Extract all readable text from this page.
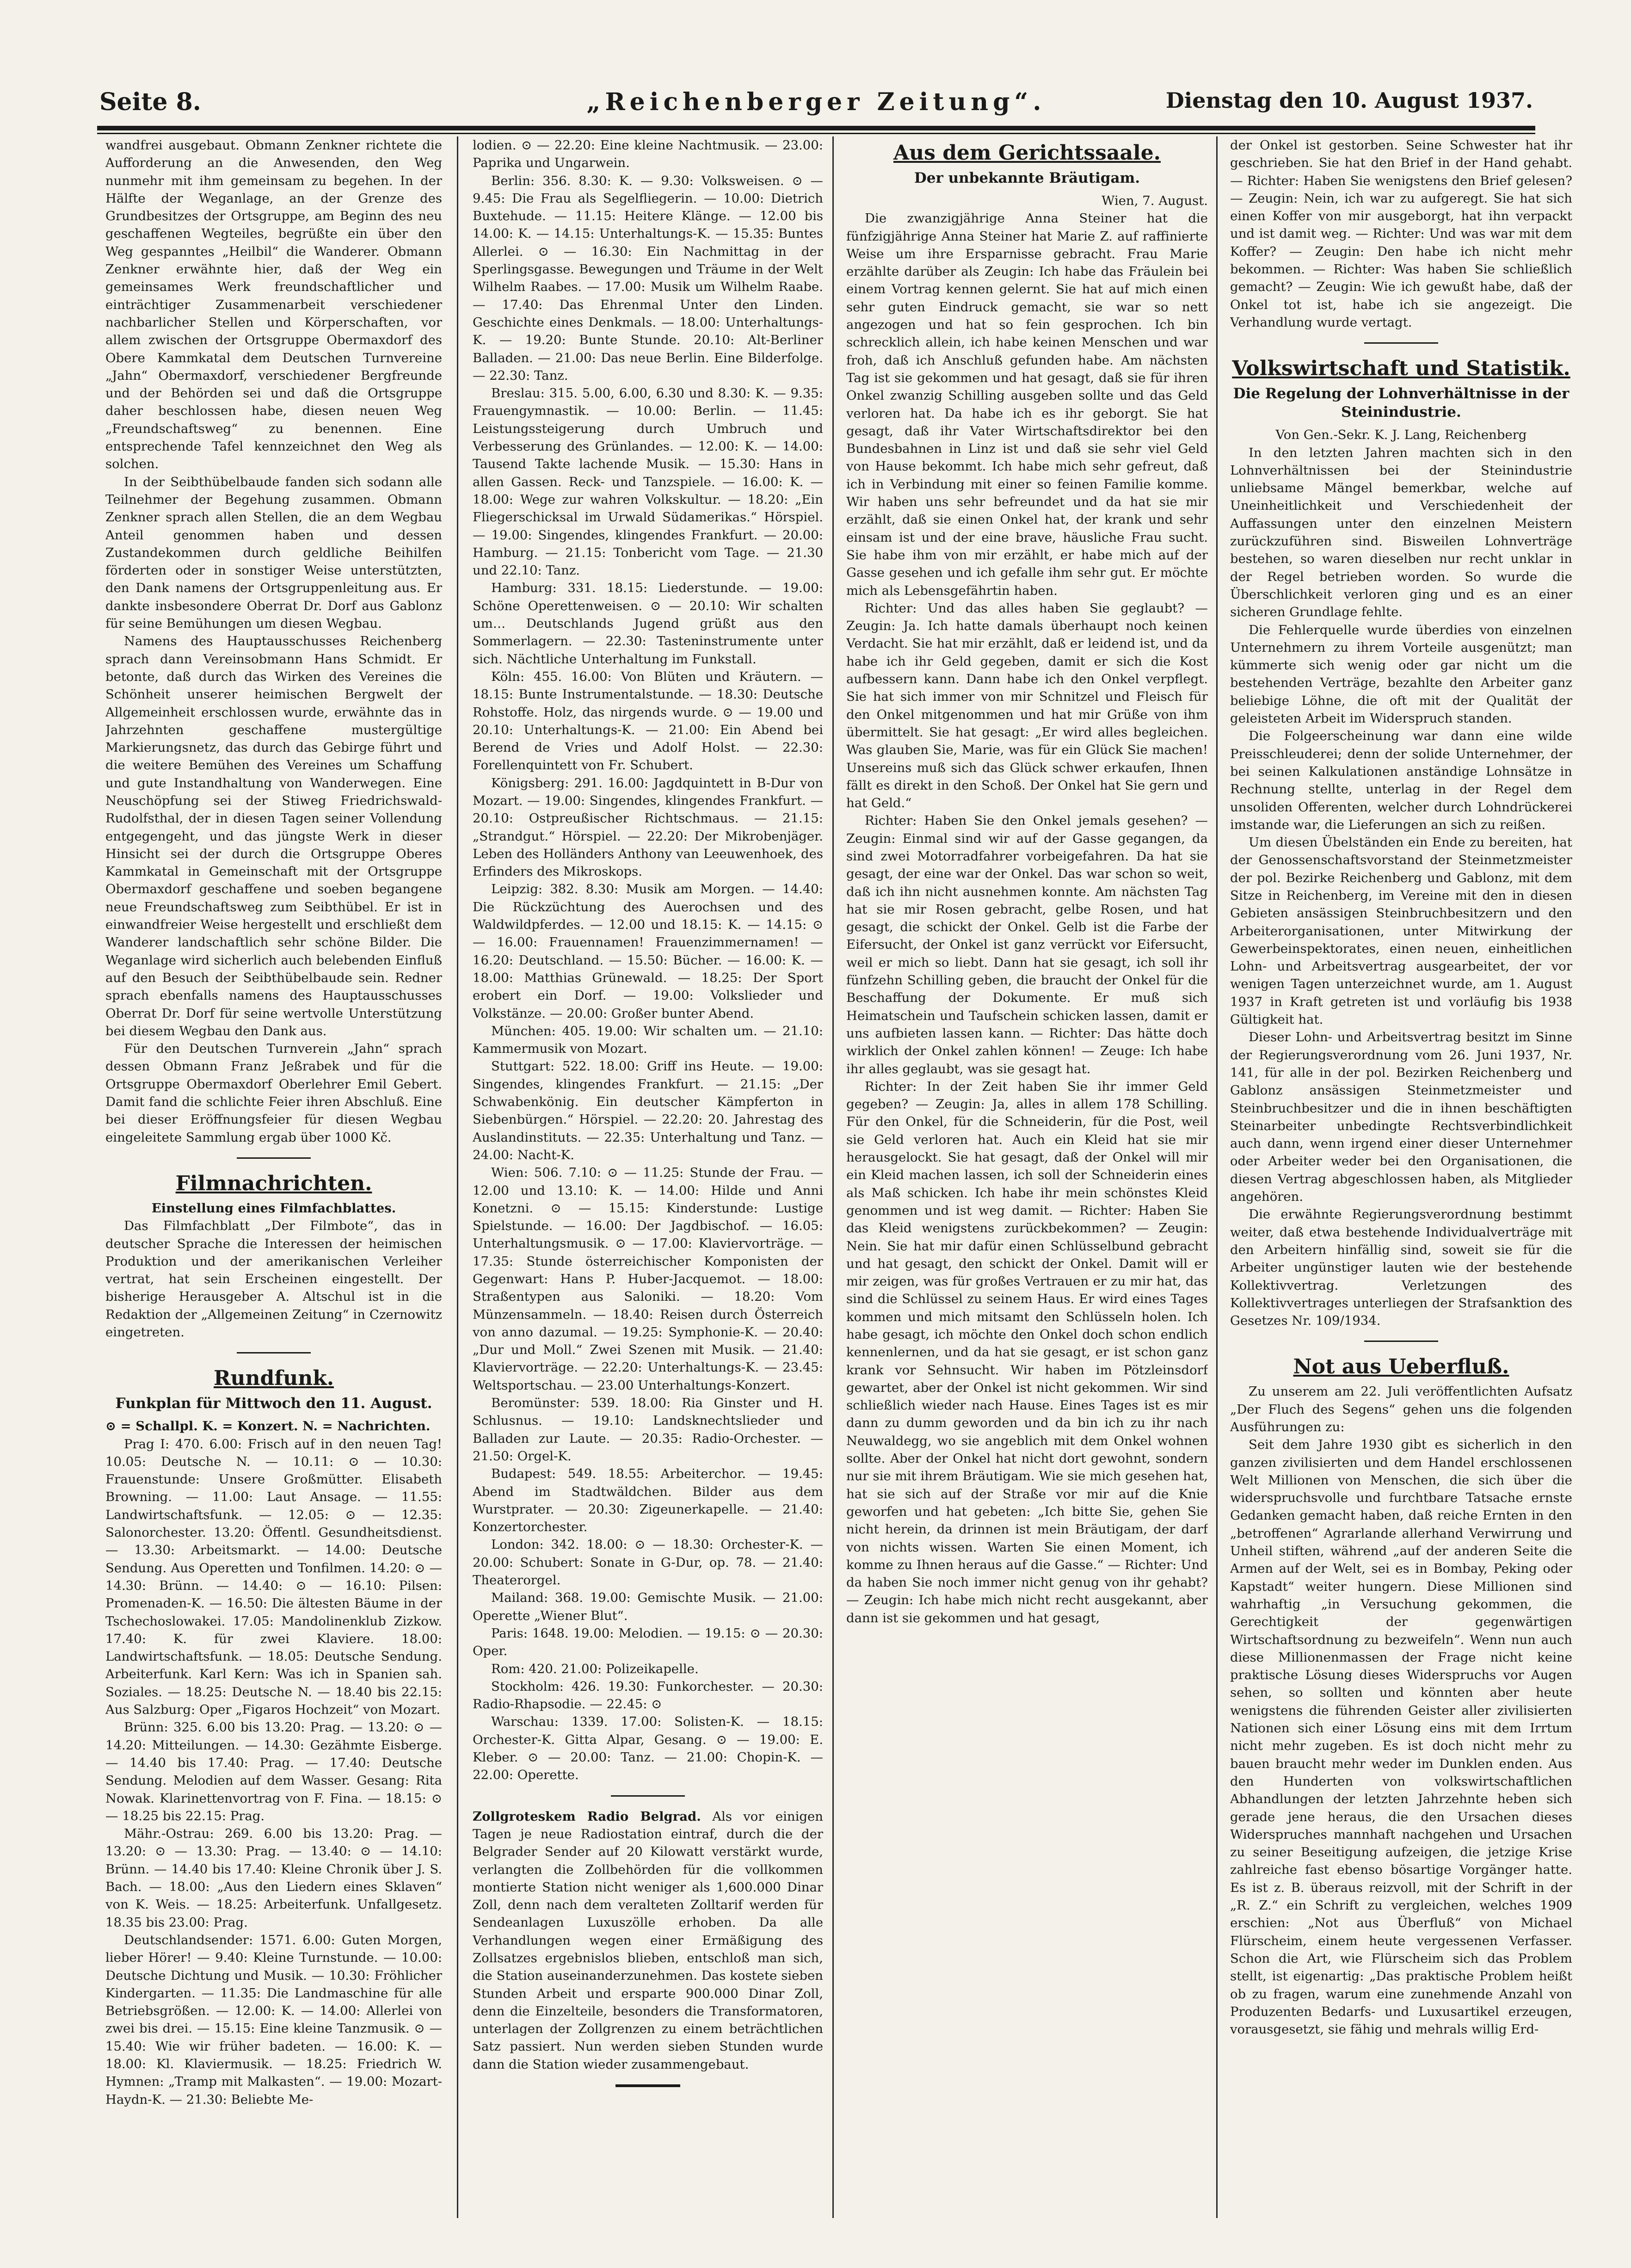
Seite 8.	„Reichenberger Zeitung“.	Dienstag den 10. August 1937.

wandfrei ausgebaut. Obmann Zenkner richtete die Aufforderung an die Anwesenden, den Weg nunmehr mit ihm gemeinsam zu begehen. In der Hälfte der Weganlage, an der Grenze des Grundbesitzes der Ortsgruppe, am Beginn des neu geschaffenen Wegteiles, begrüßte ein über den Weg gespanntes „Heilbil“ die Wanderer. Obmann Zenkner erwähnte hier, daß der Weg ein gemeinsames Werk freundschaftlicher und einträchtiger Zusammenarbeit verschiedener nachbarlicher Stellen und Körperschaften, vor allem zwischen der Ortsgruppe Obermaxdorf des Obere Kammkatal dem Deutschen Turnvereine „Jahn“ Obermaxdorf, verschiedener Bergfreunde und der Behörden sei und daß die Ortsgruppe daher beschlossen habe, diesen neuen Weg „Freundschaftsweg“ zu benennen. Eine entsprechende Tafel kennzeichnet den Weg als solchen.

In der Seibthübelbaude fanden sich sodann alle Teilnehmer der Begehung zusammen. Obmann Zenkner sprach allen Stellen, die an dem Wegbau Anteil genommen haben und dessen Zustandekommen durch geldliche Beihilfen förderten oder in sonstiger Weise unterstützten, den Dank namens der Ortsgruppenleitung aus. Er dankte insbesondere Oberrat Dr. Dorf aus Gablonz für seine Bemühungen um diesen Wegbau.

Namens des Hauptausschusses Reichenberg sprach dann Vereinsobmann Hans Schmidt. Er betonte, daß durch das Wirken des Vereines die Schönheit unserer heimischen Bergwelt der Allgemeinheit erschlossen wurde, erwähnte das in Jahrzehnten geschaffene mustergültige Markierungsnetz, das durch das Gebirge führt und die weitere Bemühen des Vereines um Schaffung und gute Instandhaltung von Wanderwegen. Eine Neuschöpfung sei der Stiweg Friedrichswald-Rudolfsthal, der in diesen Tagen seiner Vollendung entgegengeht, und das jüngste Werk in dieser Hinsicht sei der durch die Ortsgruppe Oberes Kammkatal in Gemeinschaft mit der Ortsgruppe Obermaxdorf geschaffene und soeben begangene neue Freundschaftsweg zum Seibthübel. Er ist in einwandfreier Weise hergestellt und erschließt dem Wanderer landschaftlich sehr schöne Bilder. Die Weganlage wird sicherlich auch belebenden Einfluß auf den Besuch der Seibthübelbaude sein. Redner sprach ebenfalls namens des Hauptausschusses Oberrat Dr. Dorf für seine wertvolle Unterstützung bei diesem Wegbau den Dank aus.

Für den Deutschen Turnverein „Jahn“ sprach dessen Obmann Franz Jeßrabek und für die Ortsgruppe Obermaxdorf Oberlehrer Emil Gebert. Damit fand die schlichte Feier ihren Abschluß. Eine bei dieser Eröffnungsfeier für diesen Wegbau eingeleitete Sammlung ergab über 1000 Kč.

Filmnachrichten.

Einstellung eines Filmfachblattes.

Das Filmfachblatt „Der Filmbote“, das in deutscher Sprache die Interessen der heimischen Produktion und der amerikanischen Verleiher vertrat, hat sein Erscheinen eingestellt. Der bisherige Herausgeber A. Altschul ist in die Redaktion der „Allgemeinen Zeitung“ in Czernowitz eingetreten.

Rundfunk.

Funkplan für Mittwoch den 11. August.

⊙ = Schallpl. K. = Konzert. N. = Nachrichten.

Prag I: 470. 6.00: Frisch auf in den neuen Tag! 10.05: Deutsche N. — 10.11: ⊙ — 10.30: Frauenstunde: Unsere Großmütter. Elisabeth Browning. — 11.00: Laut Ansage. — 11.55: Landwirtschaftsfunk. — 12.05: ⊙ — 12.35: Salonorchester. 13.20: Öffentl. Gesundheitsdienst. — 13.30: Arbeitsmarkt. — 14.00: Deutsche Sendung. Aus Operetten und Tonfilmen. 14.20: ⊙ — 14.30: Brünn. — 14.40: ⊙ — 16.10: Pilsen: Promenaden-K. — 16.50: Die ältesten Bäume in der Tschechoslowakei. 17.05: Mandolinenklub Zizkow. 17.40: K. für zwei Klaviere. 18.00: Landwirtschaftsfunk. — 18.05: Deutsche Sendung. Arbeiterfunk. Karl Kern: Was ich in Spanien sah. Soziales. — 18.25: Deutsche N. — 18.40 bis 22.15: Aus Salzburg: Oper „Figaros Hochzeit“ von Mozart.

Brünn: 325. 6.00 bis 13.20: Prag. — 13.20: ⊙ — 14.20: Mitteilungen. — 14.30: Gezähmte Eisberge. — 14.40 bis 17.40: Prag. — 17.40: Deutsche Sendung. Melodien auf dem Wasser. Gesang: Rita Nowak. Klarinettenvortrag von F. Fina. — 18.15: ⊙ — 18.25 bis 22.15: Prag.

Mähr.-Ostrau: 269. 6.00 bis 13.20: Prag. — 13.20: ⊙ — 13.30: Prag. — 13.40: ⊙ — 14.10: Brünn. — 14.40 bis 17.40: Kleine Chronik über J. S. Bach. — 18.00: „Aus den Liedern eines Sklaven“ von K. Weis. — 18.25: Arbeiterfunk. Unfallgesetz. 18.35 bis 23.00: Prag.

Deutschlandsender: 1571. 6.00: Guten Morgen, lieber Hörer! — 9.40: Kleine Turnstunde. — 10.00: Deutsche Dichtung und Musik. — 10.30: Fröhlicher Kindergarten. — 11.35: Die Landmaschine für alle Betriebsgrößen. — 12.00: K. — 14.00: Allerlei von zwei bis drei. — 15.15: Eine kleine Tanzmusik. ⊙ — 15.40: Wie wir früher badeten. — 16.00: K. — 18.00: Kl. Klaviermusik. — 18.25: Friedrich W. Hymnen: „Tramp mit Malkasten“. — 19.00: Mozart-Haydn-K. — 21.30: Beliebte Me-

lodien. ⊙ — 22.20: Eine kleine Nachtmusik. — 23.00: Paprika und Ungarwein.

Berlin: 356. 8.30: K. — 9.30: Volksweisen. ⊙ — 9.45: Die Frau als Segelfliegerin. — 10.00: Dietrich Buxtehude. — 11.15: Heitere Klänge. — 12.00 bis 14.00: K. — 14.15: Unterhaltungs-K. — 15.35: Buntes Allerlei. ⊙ — 16.30: Ein Nachmittag in der Sperlingsgasse. Bewegungen und Träume in der Welt Wilhelm Raabes. — 17.00: Musik um Wilhelm Raabe. — 17.40: Das Ehrenmal Unter den Linden. Geschichte eines Denkmals. — 18.00: Unterhaltungs-K. — 19.20: Bunte Stunde. 20.10: Alt-Berliner Balladen. — 21.00: Das neue Berlin. Eine Bilderfolge. — 22.30: Tanz.

Breslau: 315. 5.00, 6.00, 6.30 und 8.30: K. — 9.35: Frauengymnastik. — 10.00: Berlin. — 11.45: Leistungssteigerung durch Umbruch und Verbesserung des Grünlandes. — 12.00: K. — 14.00: Tausend Takte lachende Musik. — 15.30: Hans in allen Gassen. Reck- und Tanzspiele. — 16.00: K. — 18.00: Wege zur wahren Volkskultur. — 18.20: „Ein Fliegerschicksal im Urwald Südamerikas.“ Hörspiel. — 19.00: Singendes, klingendes Frankfurt. — 20.00: Hamburg. — 21.15: Tonbericht vom Tage. — 21.30 und 22.10: Tanz.

Hamburg: 331. 18.15: Liederstunde. — 19.00: Schöne Operettenweisen. ⊙ — 20.10: Wir schalten um… Deutschlands Jugend grüßt aus den Sommerlagern. — 22.30: Tasteninstrumente unter sich. Nächtliche Unterhaltung im Funkstall.

Köln: 455. 16.00: Von Blüten und Kräutern. — 18.15: Bunte Instrumentalstunde. — 18.30: Deutsche Rohstoffe. Holz, das nirgends wurde. ⊙ — 19.00 und 20.10: Unterhaltungs-K. — 21.00: Ein Abend bei Berend de Vries und Adolf Holst. — 22.30: Forellenquintett von Fr. Schubert.

Königsberg: 291. 16.00: Jagdquintett in B-Dur von Mozart. — 19.00: Singendes, klingendes Frankfurt. — 20.10: Ostpreußischer Richtschmaus. — 21.15: „Strandgut.“ Hörspiel. — 22.20: Der Mikrobenjäger. Leben des Holländers Anthony van Leeuwenhoek, des Erfinders des Mikroskops.

Leipzig: 382. 8.30: Musik am Morgen. — 14.40: Die Rückzüchtung des Auerochsen und des Waldwildpferdes. — 12.00 und 18.15: K. — 14.15: ⊙ — 16.00: Frauennamen! Frauenzimmernamen! — 16.20: Deutschland. — 15.50: Bücher. — 16.00: K. — 18.00: Matthias Grünewald. — 18.25: Der Sport erobert ein Dorf. — 19.00: Volkslieder und Volkstänze. — 20.00: Großer bunter Abend.

München: 405. 19.00: Wir schalten um. — 21.10: Kammermusik von Mozart.

Stuttgart: 522. 18.00: Griff ins Heute. — 19.00: Singendes, klingendes Frankfurt. — 21.15: „Der Schwabenkönig. Ein deutscher Kämpferton in Siebenbürgen.“ Hörspiel. — 22.20: 20. Jahrestag des Auslandinstituts. — 22.35: Unterhaltung und Tanz. — 24.00: Nacht-K.

Wien: 506. 7.10: ⊙ — 11.25: Stunde der Frau. — 12.00 und 13.10: K. — 14.00: Hilde und Anni Konetzni. ⊙ — 15.15: Kinderstunde: Lustige Spielstunde. — 16.00: Der Jagdbischof. — 16.05: Unterhaltungsmusik. ⊙ — 17.00: Klaviervorträge. — 17.35: Stunde österreichischer Komponisten der Gegenwart: Hans P. Huber-Jacquemot. — 18.00: Straßentypen aus Saloniki. — 18.20: Vom Münzensammeln. — 18.40: Reisen durch Österreich von anno dazumal. — 19.25: Symphonie-K. — 20.40: „Dur und Moll.“ Zwei Szenen mit Musik. — 21.40: Klaviervorträge. — 22.20: Unterhaltungs-K. — 23.45: Weltsportschau. — 23.00 Unterhaltungs-Konzert.

Beromünster: 539. 18.00: Ria Ginster und H. Schlusnus. — 19.10: Landsknechtslieder und Balladen zur Laute. — 20.35: Radio-Orchester. — 21.50: Orgel-K.

Budapest: 549. 18.55: Arbeiterchor. — 19.45: Abend im Stadtwäldchen. Bilder aus dem Wurstprater. — 20.30: Zigeunerkapelle. — 21.40: Konzertorchester.

London: 342. 18.00: ⊙ — 18.30: Orchester-K. — 20.00: Schubert: Sonate in G-Dur, op. 78. — 21.40: Theaterorgel.

Mailand: 368. 19.00: Gemischte Musik. — 21.00: Operette „Wiener Blut“.

Paris: 1648. 19.00: Melodien. — 19.15: ⊙ — 20.30: Oper.

Rom: 420. 21.00: Polizeikapelle.

Stockholm: 426. 19.30: Funkorchester. — 20.30: Radio-Rhapsodie. — 22.45: ⊙

Warschau: 1339. 17.00: Solisten-K. — 18.15: Orchester-K. Gitta Alpar, Gesang. ⊙ — 19.00: E. Kleber. ⊙ — 20.00: Tanz. — 21.00: Chopin-K. — 22.00: Operette.

Zollgroteskem Radio Belgrad. Als vor einigen Tagen je neue Radiostation eintraf, durch die der Belgrader Sender auf 20 Kilowatt verstärkt wurde, verlangten die Zollbehörden für die vollkommen montierte Station nicht weniger als 1,600.000 Dinar Zoll, denn nach dem veralteten Zolltarif werden für Sendeanlagen Luxuszölle erhoben. Da alle Verhandlungen wegen einer Ermäßigung des Zollsatzes ergebnislos blieben, entschloß man sich, die Station auseinanderzunehmen. Das kostete sieben Stunden Arbeit und ersparte 900.000 Dinar Zoll, denn die Einzelteile, besonders die Transformatoren, unterlagen der Zollgrenzen zu einem beträchtlichen Satz passiert. Nun werden sieben Stunden wurde dann die Station wieder zusammengebaut.

Aus dem Gerichtssaale.

Der unbekannte Bräutigam.

Wien, 7. August.

Die zwanzigjährige Anna Steiner hat die fünfzigjährige Anna Steiner hat Marie Z. auf raffinierte Weise um ihre Ersparnisse gebracht. Frau Marie erzählte darüber als Zeugin: Ich habe das Fräulein bei einem Vortrag kennen gelernt. Sie hat auf mich einen sehr guten Eindruck gemacht, sie war so nett angezogen und hat so fein gesprochen. Ich bin schrecklich allein, ich habe keinen Menschen und war froh, daß ich Anschluß gefunden habe. Am nächsten Tag ist sie gekommen und hat gesagt, daß sie für ihren Onkel zwanzig Schilling ausgeben sollte und das Geld verloren hat. Da habe ich es ihr geborgt. Sie hat gesagt, daß ihr Vater Wirtschaftsdirektor bei den Bundesbahnen in Linz ist und daß sie sehr viel Geld von Hause bekommt. Ich habe mich sehr gefreut, daß ich in Verbindung mit einer so feinen Familie komme. Wir haben uns sehr befreundet und da hat sie mir erzählt, daß sie einen Onkel hat, der krank und sehr einsam ist und der eine brave, häusliche Frau sucht. Sie habe ihm von mir erzählt, er habe mich auf der Gasse gesehen und ich gefalle ihm sehr gut. Er möchte mich als Lebensgefährtin haben.

Richter: Und das alles haben Sie geglaubt? — Zeugin: Ja. Ich hatte damals überhaupt noch keinen Verdacht. Sie hat mir erzählt, daß er leidend ist, und da habe ich ihr Geld gegeben, damit er sich die Kost aufbessern kann. Dann habe ich den Onkel verpflegt. Sie hat sich immer von mir Schnitzel und Fleisch für den Onkel mitgenommen und hat mir Grüße von ihm übermittelt. Sie hat gesagt: „Er wird alles begleichen. Was glauben Sie, Marie, was für ein Glück Sie machen! Unsereins muß sich das Glück schwer erkaufen, Ihnen fällt es direkt in den Schoß. Der Onkel hat Sie gern und hat Geld.“

Richter: Haben Sie den Onkel jemals gesehen? — Zeugin: Einmal sind wir auf der Gasse gegangen, da sind zwei Motorradfahrer vorbeigefahren. Da hat sie gesagt, der eine war der Onkel. Das war schon so weit, daß ich ihn nicht ausnehmen konnte. Am nächsten Tag hat sie mir Rosen gebracht, gelbe Rosen, und hat gesagt, die schickt der Onkel. Gelb ist die Farbe der Eifersucht, der Onkel ist ganz verrückt vor Eifersucht, weil er mich so liebt. Dann hat sie gesagt, ich soll ihr fünfzehn Schilling geben, die braucht der Onkel für die Beschaffung der Dokumente. Er muß sich Heimatschein und Taufschein schicken lassen, damit er uns aufbieten lassen kann. — Richter: Das hätte doch wirklich der Onkel zahlen können! — Zeuge: Ich habe ihr alles geglaubt, was sie gesagt hat.

Richter: In der Zeit haben Sie ihr immer Geld gegeben? — Zeugin: Ja, alles in allem 178 Schilling. Für den Onkel, für die Schneiderin, für die Post, weil sie Geld verloren hat. Auch ein Kleid hat sie mir herausgelockt. Sie hat gesagt, daß der Onkel will mir ein Kleid machen lassen, ich soll der Schneiderin eines als Maß schicken. Ich habe ihr mein schönstes Kleid genommen und ist weg damit. — Richter: Haben Sie das Kleid wenigstens zurückbekommen? — Zeugin: Nein. Sie hat mir dafür einen Schlüsselbund gebracht und hat gesagt, den schickt der Onkel. Damit will er mir zeigen, was für großes Vertrauen er zu mir hat, das sind die Schlüssel zu seinem Haus. Er wird eines Tages kommen und mich mitsamt den Schlüsseln holen. Ich habe gesagt, ich möchte den Onkel doch schon endlich kennenlernen, und da hat sie gesagt, er ist schon ganz krank vor Sehnsucht. Wir haben im Pötzleinsdorf gewartet, aber der Onkel ist nicht gekommen. Wir sind schließlich wieder nach Hause. Eines Tages ist es mir dann zu dumm geworden und da bin ich zu ihr nach Neuwaldegg, wo sie angeblich mit dem Onkel wohnen sollte. Aber der Onkel hat nicht dort gewohnt, sondern nur sie mit ihrem Bräutigam. Wie sie mich gesehen hat, hat sie sich auf der Straße vor mir auf die Knie geworfen und hat gebeten: „Ich bitte Sie, gehen Sie nicht herein, da drinnen ist mein Bräutigam, der darf von nichts wissen. Warten Sie einen Moment, ich komme zu Ihnen heraus auf die Gasse.“ — Richter: Und da haben Sie noch immer nicht genug von ihr gehabt? — Zeugin: Ich habe mich nicht recht ausgekannt, aber dann ist sie gekommen und hat gesagt,

der Onkel ist gestorben. Seine Schwester hat ihr geschrieben. Sie hat den Brief in der Hand gehabt. — Richter: Haben Sie wenigstens den Brief gelesen? — Zeugin: Nein, ich war zu aufgeregt. Sie hat sich einen Koffer von mir ausgeborgt, hat ihn verpackt und ist damit weg. — Richter: Und was war mit dem Koffer? — Zeugin: Den habe ich nicht mehr bekommen. — Richter: Was haben Sie schließlich gemacht? — Zeugin: Wie ich gewußt habe, daß der Onkel tot ist, habe ich sie angezeigt. Die Verhandlung wurde vertagt.

Volkswirtschaft und Statistik.

Die Regelung der Lohnverhältnisse in der Steinindustrie.

Von Gen.-Sekr. K. J. Lang, Reichenberg

In den letzten Jahren machten sich in den Lohnverhältnissen bei der Steinindustrie unliebsame Mängel bemerkbar, welche auf Uneinheitlichkeit und Verschiedenheit der Auffassungen unter den einzelnen Meistern zurückzuführen sind. Bisweilen Lohnverträge bestehen, so waren dieselben nur recht unklar in der Regel betrieben worden. So wurde die Überschlichkeit verloren ging und es an einer sicheren Grundlage fehlte.

Die Fehlerquelle wurde überdies von einzelnen Unternehmern zu ihrem Vorteile ausgenützt; man kümmerte sich wenig oder gar nicht um die bestehenden Verträge, bezahlte den Arbeiter ganz beliebige Löhne, die oft mit der Qualität der geleisteten Arbeit im Widerspruch standen.

Die Folgeerscheinung war dann eine wilde Preisschleuderei; denn der solide Unternehmer, der bei seinen Kalkulationen anständige Lohnsätze in Rechnung stellte, unterlag in der Regel dem unsoliden Offerenten, welcher durch Lohndrückerei imstande war, die Lieferungen an sich zu reißen.

Um diesen Übelständen ein Ende zu bereiten, hat der Genossenschaftsvorstand der Steinmetzmeister der pol. Bezirke Reichenberg und Gablonz, mit dem Sitze in Reichenberg, im Vereine mit den in diesen Gebieten ansässigen Steinbruchbesitzern und den Arbeiterorganisationen, unter Mitwirkung der Gewerbeinspektorates, einen neuen, einheitlichen Lohn- und Arbeitsvertrag ausgearbeitet, der vor wenigen Tagen unterzeichnet wurde, am 1. August 1937 in Kraft getreten ist und vorläufig bis 1938 Gültigkeit hat.

Dieser Lohn- und Arbeitsvertrag besitzt im Sinne der Regierungsverordnung vom 26. Juni 1937, Nr. 141, für alle in der pol. Bezirken Reichenberg und Gablonz ansässigen Steinmetzmeister und Steinbruchbesitzer und die in ihnen beschäftigten Steinarbeiter unbedingte Rechtsverbindlichkeit auch dann, wenn irgend einer dieser Unternehmer oder Arbeiter weder bei den Organisationen, die diesen Vertrag abgeschlossen haben, als Mitglieder angehören.

Die erwähnte Regierungsverordnung bestimmt weiter, daß etwa bestehende Individualverträge mit den Arbeitern hinfällig sind, soweit sie für die Arbeiter ungünstiger lauten wie der bestehende Kollektivvertrag. Verletzungen des Kollektivvertrages unterliegen der Strafsanktion des Gesetzes Nr. 109/1934.

Not aus Ueberfluß.

Zu unserem am 22. Juli veröffentlichten Aufsatz „Der Fluch des Segens“ gehen uns die folgenden Ausführungen zu:

Seit dem Jahre 1930 gibt es sicherlich in den ganzen zivilisierten und dem Handel erschlossenen Welt Millionen von Menschen, die sich über die widerspruchsvolle und furchtbare Tatsache ernste Gedanken gemacht haben, daß reiche Ernten in den „betroffenen“ Agrarlande allerhand Verwirrung und Unheil stiften, während „auf der anderen Seite die Armen auf der Welt, sei es in Bombay, Peking oder Kapstadt“ weiter hungern. Diese Millionen sind wahrhaftig „in Versuchung gekommen, die Gerechtigkeit der gegenwärtigen Wirtschaftsordnung zu bezweifeln“. Wenn nun auch diese Millionenmassen der Frage nicht keine praktische Lösung dieses Widerspruchs vor Augen sehen, so sollten und könnten aber heute wenigstens die führenden Geister aller zivilisierten Nationen sich einer Lösung eins mit dem Irrtum nicht mehr zugeben. Es ist doch nicht mehr zu bauen braucht mehr weder im Dunklen enden. Aus den Hunderten von volkswirtschaftlichen Abhandlungen der letzten Jahrzehnte heben sich gerade jene heraus, die den Ursachen dieses Widerspruches mannhaft nachgehen und Ursachen zu seiner Beseitigung aufzeigen, die jetzige Krise zahlreiche fast ebenso bösartige Vorgänger hatte. Es ist z. B. überaus reizvoll, mit der Schrift in der „R. Z.“ ein Schrift zu vergleichen, welches 1909 erschien: „Not aus Überfluß“ von Michael Flürscheim, einem heute vergessenen Verfasser. Schon die Art, wie Flürscheim sich das Problem stellt, ist eigenartig: „Das praktische Problem heißt ob zu fragen, warum eine zunehmende Anzahl von Produzenten Bedarfs- und Luxusartikel erzeugen, vorausgesetzt, sie fähig und mehrals willig Erd-
